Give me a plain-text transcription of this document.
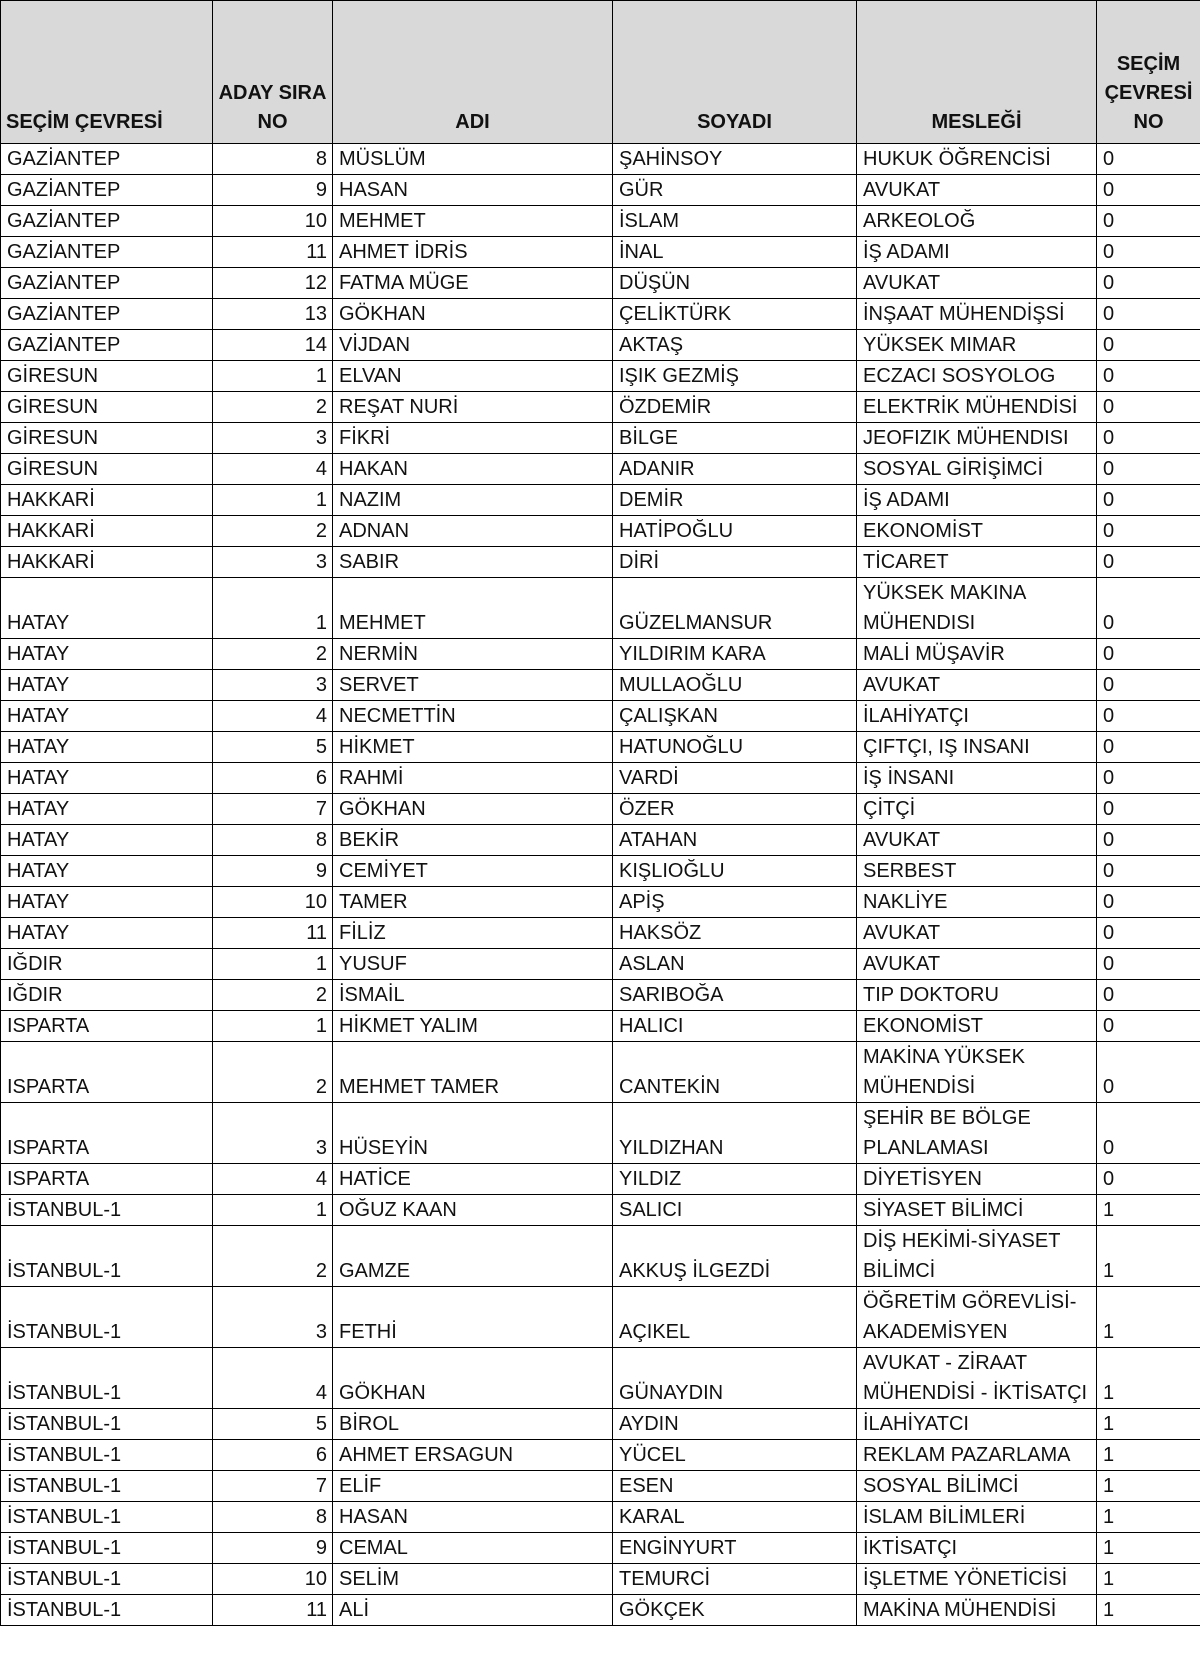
SEÇİM ÇEVRESİ	ADAY SIRA NO	ADI	SOYADI	MESLEĞİ	SEÇİM ÇEVRESİ NO
GAZİANTEP	8	MÜSLÜM	ŞAHİNSOY	HUKUK ÖĞRENCİSİ	0
GAZİANTEP	9	HASAN	GÜR	AVUKAT	0
GAZİANTEP	10	MEHMET	İSLAM	ARKEOLOĞ	0
GAZİANTEP	11	AHMET İDRİS	İNAL	İŞ ADAMI	0
GAZİANTEP	12	FATMA MÜGE	DÜŞÜN	AVUKAT	0
GAZİANTEP	13	GÖKHAN	ÇELİKTÜRK	İNŞAAT MÜHENDİŞSİ	0
GAZİANTEP	14	VİJDAN	AKTAŞ	YÜKSEK MIMAR	0
GİRESUN	1	ELVAN	IŞIK GEZMİŞ	ECZACI SOSYOLOG	0
GİRESUN	2	REŞAT NURİ	ÖZDEMİR	ELEKTRİK MÜHENDİSİ	0
GİRESUN	3	FİKRİ	BİLGE	JEOFIZIK MÜHENDISI	0
GİRESUN	4	HAKAN	ADANIR	SOSYAL GİRİŞİMCİ	0
HAKKARİ	1	NAZIM	DEMİR	İŞ ADAMI	0
HAKKARİ	2	ADNAN	HATİPOĞLU	EKONOMİST	0
HAKKARİ	3	SABIR	DİRİ	TİCARET	0
HATAY	1	MEHMET	GÜZELMANSUR	YÜKSEK MAKINA MÜHENDISI	0
HATAY	2	NERMİN	YILDIRIM KARA	MALİ MÜŞAVİR	0
HATAY	3	SERVET	MULLAOĞLU	AVUKAT	0
HATAY	4	NECMETTİN	ÇALIŞKAN	İLAHİYATÇI	0
HATAY	5	HİKMET	HATUNOĞLU	ÇIFTÇI, IŞ INSANI	0
HATAY	6	RAHMİ	VARDİ	İŞ İNSANI	0
HATAY	7	GÖKHAN	ÖZER	ÇİTÇİ	0
HATAY	8	BEKİR	ATAHAN	AVUKAT	0
HATAY	9	CEMİYET	KIŞLIOĞLU	SERBEST	0
HATAY	10	TAMER	APİŞ	NAKLİYE	0
HATAY	11	FİLİZ	HAKSÖZ	AVUKAT	0
IĞDIR	1	YUSUF	ASLAN	AVUKAT	0
IĞDIR	2	İSMAİL	SARIBOĞA	TIP DOKTORU	0
ISPARTA	1	HİKMET YALIM	HALICI	EKONOMİST	0
ISPARTA	2	MEHMET TAMER	CANTEKİN	MAKİNA YÜKSEK MÜHENDİSİ	0
ISPARTA	3	HÜSEYİN	YILDIZHAN	ŞEHİR BE BÖLGE PLANLAMASI	0
ISPARTA	4	HATİCE	YILDIZ	DİYETİSYEN	0
İSTANBUL-1	1	OĞUZ KAAN	SALICI	SİYASET BİLİMCİ	1
İSTANBUL-1	2	GAMZE	AKKUŞ İLGEZDİ	DİŞ HEKİMİ-SİYASET BİLİMCİ	1
İSTANBUL-1	3	FETHİ	AÇIKEL	ÖĞRETİM GÖREVLİSİ-AKADEMİSYEN	1
İSTANBUL-1	4	GÖKHAN	GÜNAYDIN	AVUKAT - ZİRAAT MÜHENDİSİ - İKTİSATÇI	1
İSTANBUL-1	5	BİROL	AYDIN	İLAHİYATCI	1
İSTANBUL-1	6	AHMET ERSAGUN	YÜCEL	REKLAM PAZARLAMA	1
İSTANBUL-1	7	ELİF	ESEN	SOSYAL BİLİMCİ	1
İSTANBUL-1	8	HASAN	KARAL	İSLAM BİLİMLERİ	1
İSTANBUL-1	9	CEMAL	ENGİNYURT	İKTİSATÇI	1
İSTANBUL-1	10	SELİM	TEMURCİ	İŞLETME YÖNETİCİSİ	1
İSTANBUL-1	11	ALİ	GÖKÇEK	MAKİNA MÜHENDİSİ	1
